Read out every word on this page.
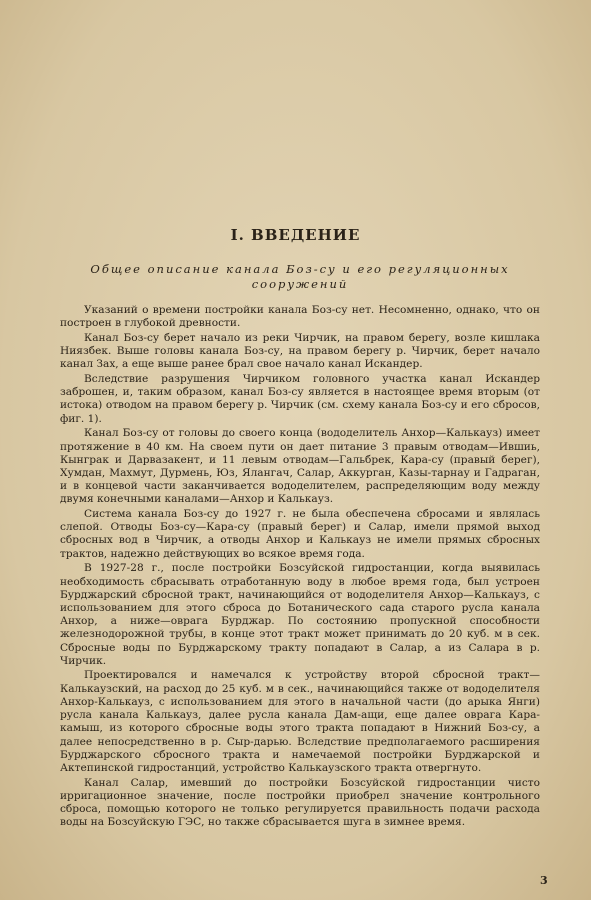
I. ВВЕДЕНИЕ
Общее описание канала Боз-су и его регуляционных сооружений

Указаний о времени постройки канала Боз-су нет. Несомненно, однако, что он построен в глубокой древности.

Канал Боз-су берет начало из реки Чирчик, на правом берегу, возле кишлака Ниязбек. Выше головы канала Боз-су, на правом берегу р. Чирчик, берет начало канал Зах, а еще выше ранее брал свое начало канал Искандер.

Вследствие разрушения Чирчиком головного участка канал Искандер заброшен, и, таким образом, канал Боз-су является в настоящее время вторым (от истока) отводом на правом берегу р. Чирчик (см. схему канала Боз-су и его сбросов, фиг. 1).

Канал Боз-су от головы до своего конца (вододелитель Анхор—Калькауз) имеет протяжение в 40 км. На своем пути он дает питание 3 правым отводам—Ившиь, Кынграк и Дарвазакент, и 11 левым отводам—Гальбрек, Кара-су (правый берег), Хумдан, Махмут, Дурмень, Юз, Ялангач, Салар, Аккурган, Казы-тарнау и Гадраган, и в концевой части заканчивается вододелителем, распределяющим воду между двумя конечными каналами—Анхор и Калькауз.

Система канала Боз-су до 1927 г. не была обеспечена сбросами и являлась слепой. Отводы Боз-су—Кара-су (правый берег) и Салар, имели прямой выход сбросных вод в Чирчик, а отводы Анхор и Калькауз не имели прямых сбросных трактов, надежно действующих во всякое время года.

В 1927-28 г., после постройки Бозсуйской гидростанции, когда выявилась необходимость сбрасывать отработанную воду в любое время года, был устроен Бурджарский сбросной тракт, начинающийся от вододелителя Анхор—Калькауз, с использованием для этого сброса до Ботанического сада старого русла канала Анхор, а ниже—оврага Бурджар. По состоянию пропускной способности железнодорожной трубы, в конце этот тракт может принимать до 20 куб. м в сек. Сбросные воды по Бурджарскому тракту попадают в Салар, а из Салара в р. Чирчик.

Проектировался и намечался к устройству второй сбросной тракт—Калькаузский, на расход до 25 куб. м в сек., начинающийся также от вододелителя Анхор-Калькауз, с использованием для этого в начальной части (до арыка Янги) русла канала Калькауз, далее русла канала Дам-ащи, еще далее оврага Кара-камыш, из которого сбросные воды этого тракта попадают в Нижний Боз-су, а далее непосредственно в р. Сыр-дарью. Вследствие предполагаемого расширения Бурджарского сбросного тракта и намечаемой постройки Бурджарской и Актепинской гидростанций, устройство Калькаузского тракта отвергнуто.

Канал Салар, имевший до постройки Бозсуйской гидростанции чисто ирригационное значение, после постройки приобрел значение контрольного сброса, помощью которого не только регулируется правильность подачи расхода воды на Бозсуйскую ГЭС, но также сбрасывается шуга в зимнее время.

3
